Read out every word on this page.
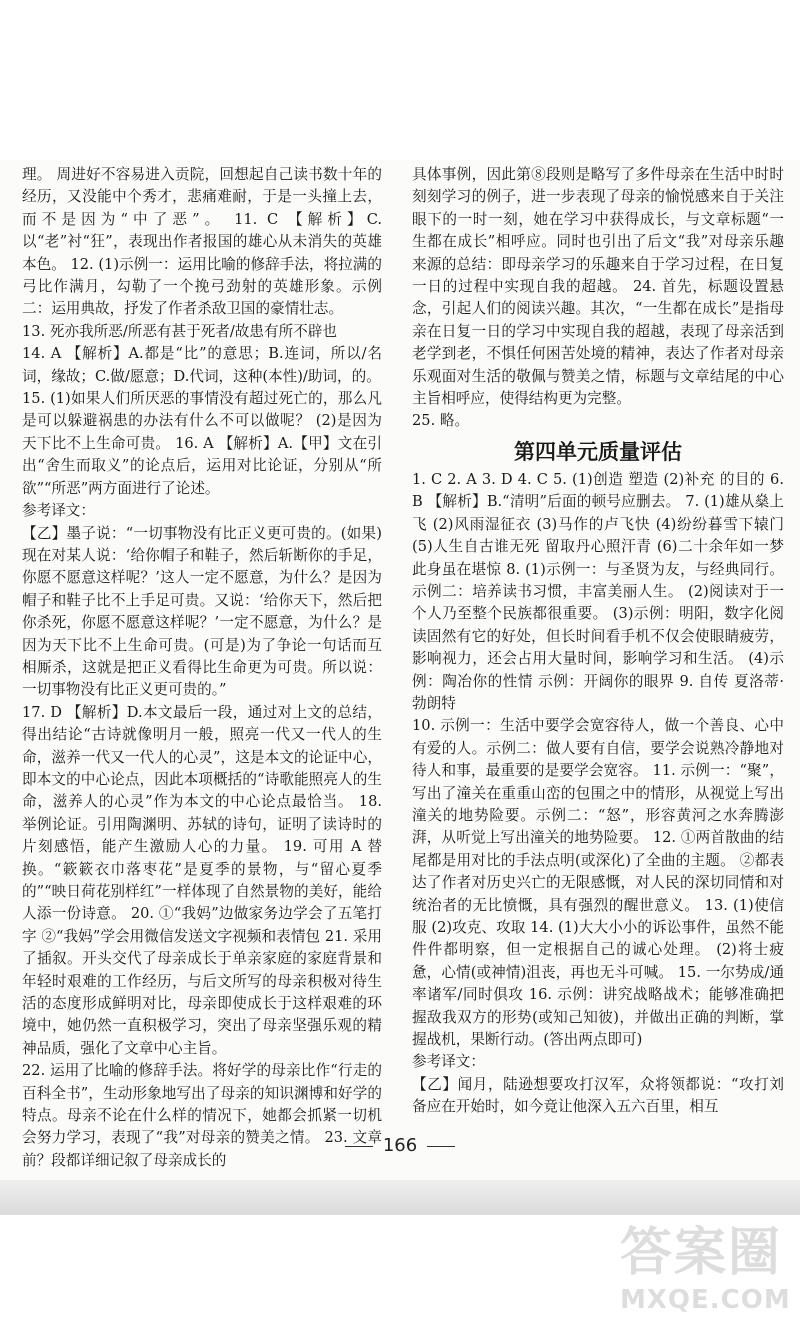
理。 周进好不容易进入贡院，回想起自己读书数十年的经历，又没能中个秀才，悲痛难耐，于是一头撞上去，而不是因为“中了恶”。 11. C 【解析】C.以“老”衬“狂”，表现出作者报国的雄心从未消失的英雄本色。 12. (1)示例一：运用比喻的修辞手法，将拉满的弓比作满月，勾勒了一个挽弓劲射的英雄形象。示例二：运用典故，抒发了作者杀敌卫国的豪情壮志。

13. 死亦我所恶/所恶有甚于死者/故患有所不辟也

14. A 【解析】A.都是“比”的意思；B.连词，所以/名词，缘故；C.做/愿意；D.代词，这种(本性)/助词，的。

15. (1)如果人们所厌恶的事情没有超过死亡的，那么凡是可以躲避祸患的办法有什么不可以做呢？ (2)是因为天下比不上生命可贵。 16. A 【解析】A.【甲】文在引出“舍生而取义”的论点后，运用对比论证，分别从“所欲”“所恶”两方面进行了论述。

参考译文：

【乙】墨子说：“一切事物没有比正义更可贵的。(如果)现在对某人说：‘给你帽子和鞋子，然后斩断你的手足，你愿不愿意这样呢？’这人一定不愿意，为什么？是因为帽子和鞋子比不上手足可贵。又说：‘给你天下，然后把你杀死，你愿不愿意这样呢？’一定不愿意，为什么？是因为天下比不上生命可贵。(可是)为了争论一句话而互相厮杀，这就是把正义看得比生命更为可贵。所以说：一切事物没有比正义更可贵的。”

17. D 【解析】D.本文最后一段，通过对上文的总结，得出结论“古诗就像明月一般，照亮一代又一代人的生命，滋养一代又一代人的心灵”，这是本文的论证中心，即本文的中心论点，因此本项概括的“诗歌能照亮人的生命，滋养人的心灵”作为本文的中心论点最恰当。 18. 举例论证。引用陶渊明、苏轼的诗句，证明了读诗时的片刻感悟，能产生激励人心的力量。 19. 可用 A 替换。“簌簌衣巾落枣花”是夏季的景物，与“留心夏季的”“映日荷花别样红”一样体现了自然景物的美好，能给人添一份诗意。 20. ①“我妈”边做家务边学会了五笔打字 ②“我妈”学会用微信发送文字视频和表情包 21. 采用了插叙。开头交代了母亲成长于单亲家庭的家庭背景和年轻时艰难的工作经历，与后文所写的母亲积极对待生活的态度形成鲜明对比，母亲即使成长于这样艰难的环境中，她仍然一直积极学习，突出了母亲坚强乐观的精神品质，强化了文章中心主旨。

22. 运用了比喻的修辞手法。将好学的母亲比作“行走的百科全书”，生动形象地写出了母亲的知识渊博和好学的特点。母亲不论在什么样的情况下，她都会抓紧一切机会努力学习，表现了“我”对母亲的赞美之情。 23. 文章前？段都详细记叙了母亲成长的

具体事例，因此第⑧段则是略写了多件母亲在生活中时时刻刻学习的例子，进一步表现了母亲的愉悦感来自于关注眼下的一时一刻，她在学习中获得成长，与文章标题“一生都在成长”相呼应。同时也引出了后文“我”对母亲乐趣来源的总结：即母亲学习的乐趣来自于学习过程，在日复一日的过程中实现自我的超越。 24. 首先，标题设置悬念，引起人们的阅读兴趣。其次，“一生都在成长”是指母亲在日复一日的学习中实现自我的超越，表现了母亲活到老学到老，不惧任何困苦处境的精神，表达了作者对母亲乐观面对生活的敬佩与赞美之情，标题与文章结尾的中心主旨相呼应，使得结构更为完整。

25. 略。

第四单元质量评估

1. C 2. A 3. D 4. C 5. (1)创造 塑造 (2)补充 的目的 6. B 【解析】B.“清明”后面的顿号应删去。 7. (1)雄从燊上飞 (2)风雨湿征衣 (3)马作的卢飞快 (4)纷纷暮雪下辕门 (5)人生自古谁无死 留取丹心照汗青 (6)二十余年如一梦 此身虽在堪惊 8. (1)示例一：与圣贤为友，与经典同行。示例二：培养读书习惯，丰富美丽人生。 (2)阅读对于一个人乃至整个民族都很重要。 (3)示例：明阳，数字化阅读固然有它的好处，但长时间看手机不仅会使眼睛疲劳，影响视力，还会占用大量时间，影响学习和生活。 (4)示例：陶冶你的性情 示例：开阔你的眼界 9. 自传 夏洛蒂·勃朗特

10. 示例一：生活中要学会宽容待人，做一个善良、心中有爱的人。示例二：做人要有自信，要学会说熟冷静地对待人和事，最重要的是要学会宽容。 11. 示例一：“聚”，写出了潼关在重重山峦的包围之中的情形，从视觉上写出潼关的地势险要。示例二：“怒”，形容黄河之水奔腾澎湃，从听觉上写出潼关的地势险要。 12. ①两首散曲的结尾都是用对比的手法点明(或深化)了全曲的主题。 ②都表达了作者对历史兴亡的无限感慨，对人民的深切同情和对统治者的无比愤慨，具有强烈的醒世意义。 13. (1)使信服 (2)攻克、攻取 14. (1)大大小小的诉讼事件，虽然不能件件都明察，但一定根据自己的诚心处理。 (2)将士疲惫，心情(或神情)沮丧，再也无斗可喊。 15. 一尔势成/通率诸军/同时俱攻 16. 示例：讲究战略战术；能够准确把握敌我双方的形势(或知己知彼)，并做出正确的判断，掌握战机，果断行动。(答出两点即可)

参考译文：

【乙】闻月，陆逊想要攻打汉军，众将领都说：“攻打刘备应在开始时，如今竟让他深入五六百里，相互

166
答案圈
MXQE.COM
